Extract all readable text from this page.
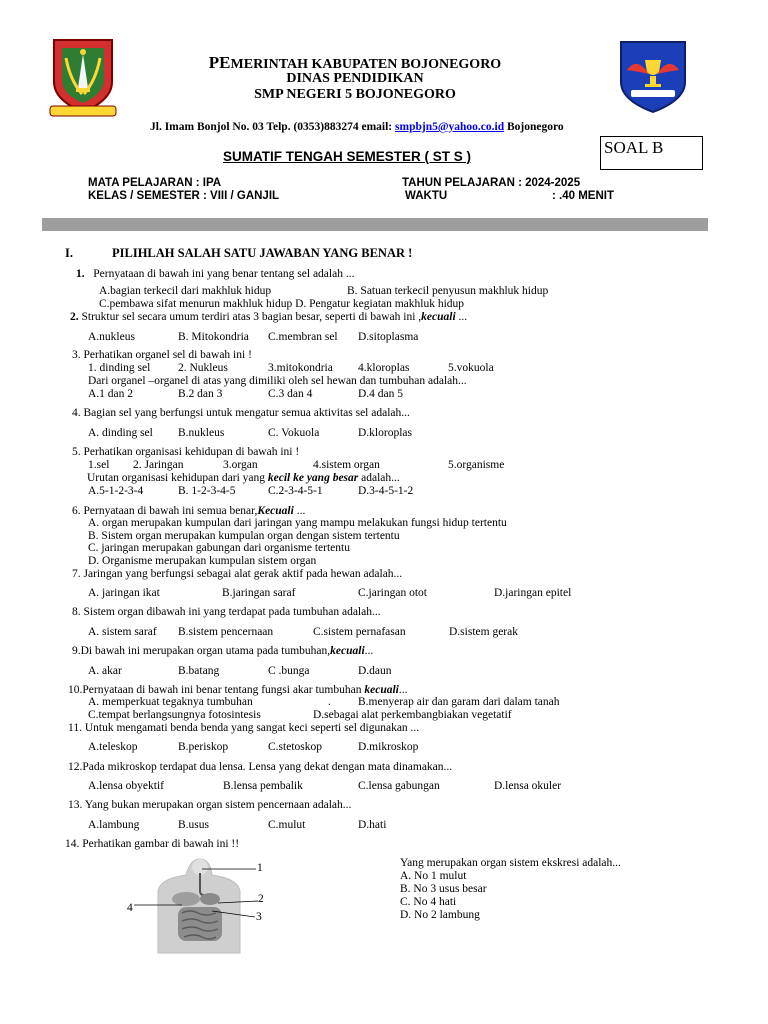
PEMERINTAH KABUPATEN BOJONEGORO
DINAS PENDIDIKAN
SMP NEGERI 5 BOJONEGORO
Jl. Imam Bonjol No. 03 Telp. (0353)883274 email: smpbjn5@yahoo.co.id Bojonegoro
SOAL B
SUMATIF TENGAH SEMESTER ( ST S )
MATA PELAJARAN : IPA
KELAS / SEMESTER : VIII / GANJIL
TAHUN PELAJARAN : 2024-2025
WAKTU	: .40 MENIT
I.	PILIHLAH SALAH SATU JAWABAN YANG BENAR !
1. Pernyataan di bawah ini yang benar tentang sel adalah ...
A.bagian terkecil dari makhluk hidup	B. Satuan terkecil penyusun makhluk hidup
C.pembawa sifat menurun makhluk hidup D. Pengatur kegiatan makhluk hidup
2. Struktur sel secara umum terdiri atas 3 bagian besar, seperti di bawah ini ,kecuali ...
A.nukleus	B. Mitokondria C.membran sel D.sitoplasma
3. Perhatikan organel sel di bawah ini !
1. dinding sel 2. Nukleus	3.mitokondria 4.kloroplas	5.vokuola
Dari organel –organel di atas yang dimiliki oleh sel hewan dan tumbuhan adalah...
A.1 dan 2	B.2 dan 3	C.3 dan 4	D.4 dan 5
4. Bagian sel yang berfungsi untuk mengatur semua aktivitas sel adalah...
A. dinding sel B.nukleus	C. Vokuola	D.kloroplas
5. Perhatikan organisasi kehidupan di bawah ini !
1.sel 2. Jaringan	3.organ	4.sistem organ	5.organisme
Urutan organisasi kehidupan dari yang kecil ke yang besar adalah...
A.5-1-2-3-4	B. 1-2-3-4-5	C.2-3-4-5-1	D.3-4-5-1-2
6. Pernyataan di bawah ini semua benar,Kecuali ...
A. organ merupakan kumpulan dari jaringan yang mampu melakukan fungsi hidup tertentu
B. Sistem organ merupakan kumpulan organ dengan sistem tertentu
C. jaringan merupakan gabungan dari organisme tertentu
D. Organisme merupakan kumpulan sistem organ
7. Jaringan yang berfungsi sebagai alat gerak aktif pada hewan adalah...
A. jaringan ikat	B.jaringan saraf	C.jaringan otot	D.jaringan epitel
8. Sistem organ dibawah ini yang terdapat pada tumbuhan adalah...
A. sistem saraf B.sistem pencernaan	C.sistem pernafasan	D.sistem gerak
9.Di bawah ini merupakan organ utama pada tumbuhan,kecuali...
A. akar	B.batang	C .bunga	D.daun
10.Pernyataan di bawah ini benar tentang fungsi akar tumbuhan kecuali...
A. memperkuat tegaknya tumbuhan	. B.menyerap air dan garam dari dalam tanah
C.tempat berlangsungnya fotosintesis	D.sebagai alat perkembangbiakan vegetatif
11. Untuk mengamati benda benda yang sangat keci seperti sel digunakan ...
A.teleskop	B.periskop	C.stetoskop	D.mikroskop
12.Pada mikroskop terdapat dua lensa. Lensa yang dekat dengan mata dinamakan...
A.lensa obyektif	B.lensa pembalik	C.lensa gabungan	D.lensa okuler
13. Yang bukan merupakan organ sistem pencernaan adalah...
A.lambung	B.usus	C.mulut	D.hati
14. Perhatikan gambar di bawah ini !!
Yang merupakan organ sistem ekskresi adalah...
A. No 1 mulut
B. No 3 usus besar
C. No 4 hati
D. No 2 lambung
1
2
3
4
